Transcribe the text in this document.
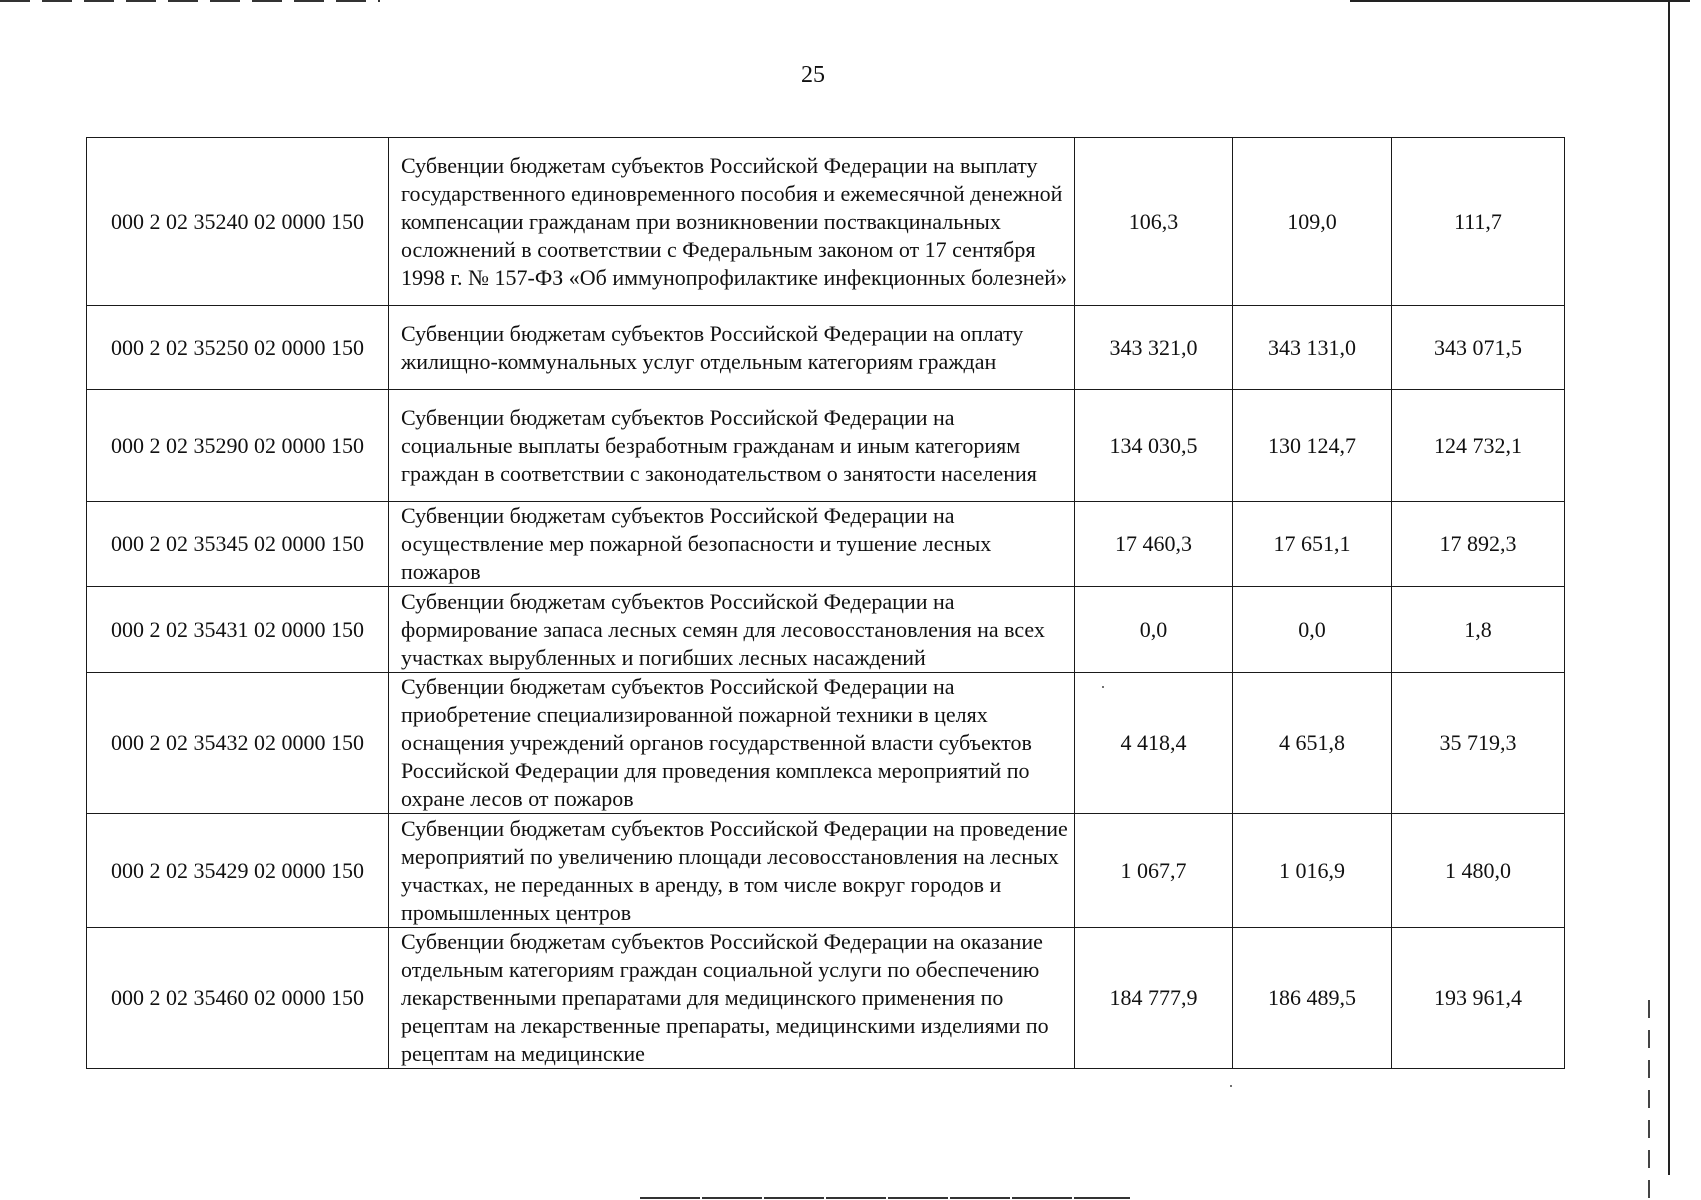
25
000 2 02 35240 02 0000 150	Субвенции бюджетам субъектов Российской Федерации на выплату государственного единовременного пособия и ежемесячной денежной компенсации гражданам при возникновении поствакцинальных осложнений в соответствии с Федеральным законом от 17 сентября 1998 г. № 157-ФЗ «Об иммунопрофилактике инфекционных болезней»	106,3	109,0	111,7
000 2 02 35250 02 0000 150	Субвенции бюджетам субъектов Российской Федерации на оплату жилищно-коммунальных услуг отдельным категориям граждан	343 321,0	343 131,0	343 071,5
000 2 02 35290 02 0000 150	Субвенции бюджетам субъектов Российской Федерации на социальные выплаты безработным гражданам и иным категориям граждан в соответствии с законодательством о занятости населения	134 030,5	130 124,7	124 732,1
000 2 02 35345 02 0000 150	Субвенции бюджетам субъектов Российской Федерации на осуществление мер пожарной безопасности и тушение лесных пожаров	17 460,3	17 651,1	17 892,3
000 2 02 35431 02 0000 150	Субвенции бюджетам субъектов Российской Федерации на формирование запаса лесных семян для лесовосстановления на всех участках вырубленных и погибших лесных насаждений	0,0	0,0	1,8
000 2 02 35432 02 0000 150	Субвенции бюджетам субъектов Российской Федерации на приобретение специализированной пожарной техники в целях оснащения учреждений органов государственной власти субъектов Российской Федерации для проведения комплекса мероприятий по охране лесов от пожаров	4 418,4	4 651,8	35 719,3
000 2 02 35429 02 0000 150	Субвенции бюджетам субъектов Российской Федерации на проведение мероприятий по увеличению площади лесовосстановления на лесных участках, не переданных в аренду, в том числе вокруг городов и промышленных центров	1 067,7	1 016,9	1 480,0
000 2 02 35460 02 0000 150	Субвенции бюджетам субъектов Российской Федерации на оказание отдельным категориям граждан социальной услуги по обеспечению лекарственными препаратами для медицинского применения по рецептам на лекарственные препараты, медицинскими изделиями по рецептам на медицинские	184 777,9	186 489,5	193 961,4
